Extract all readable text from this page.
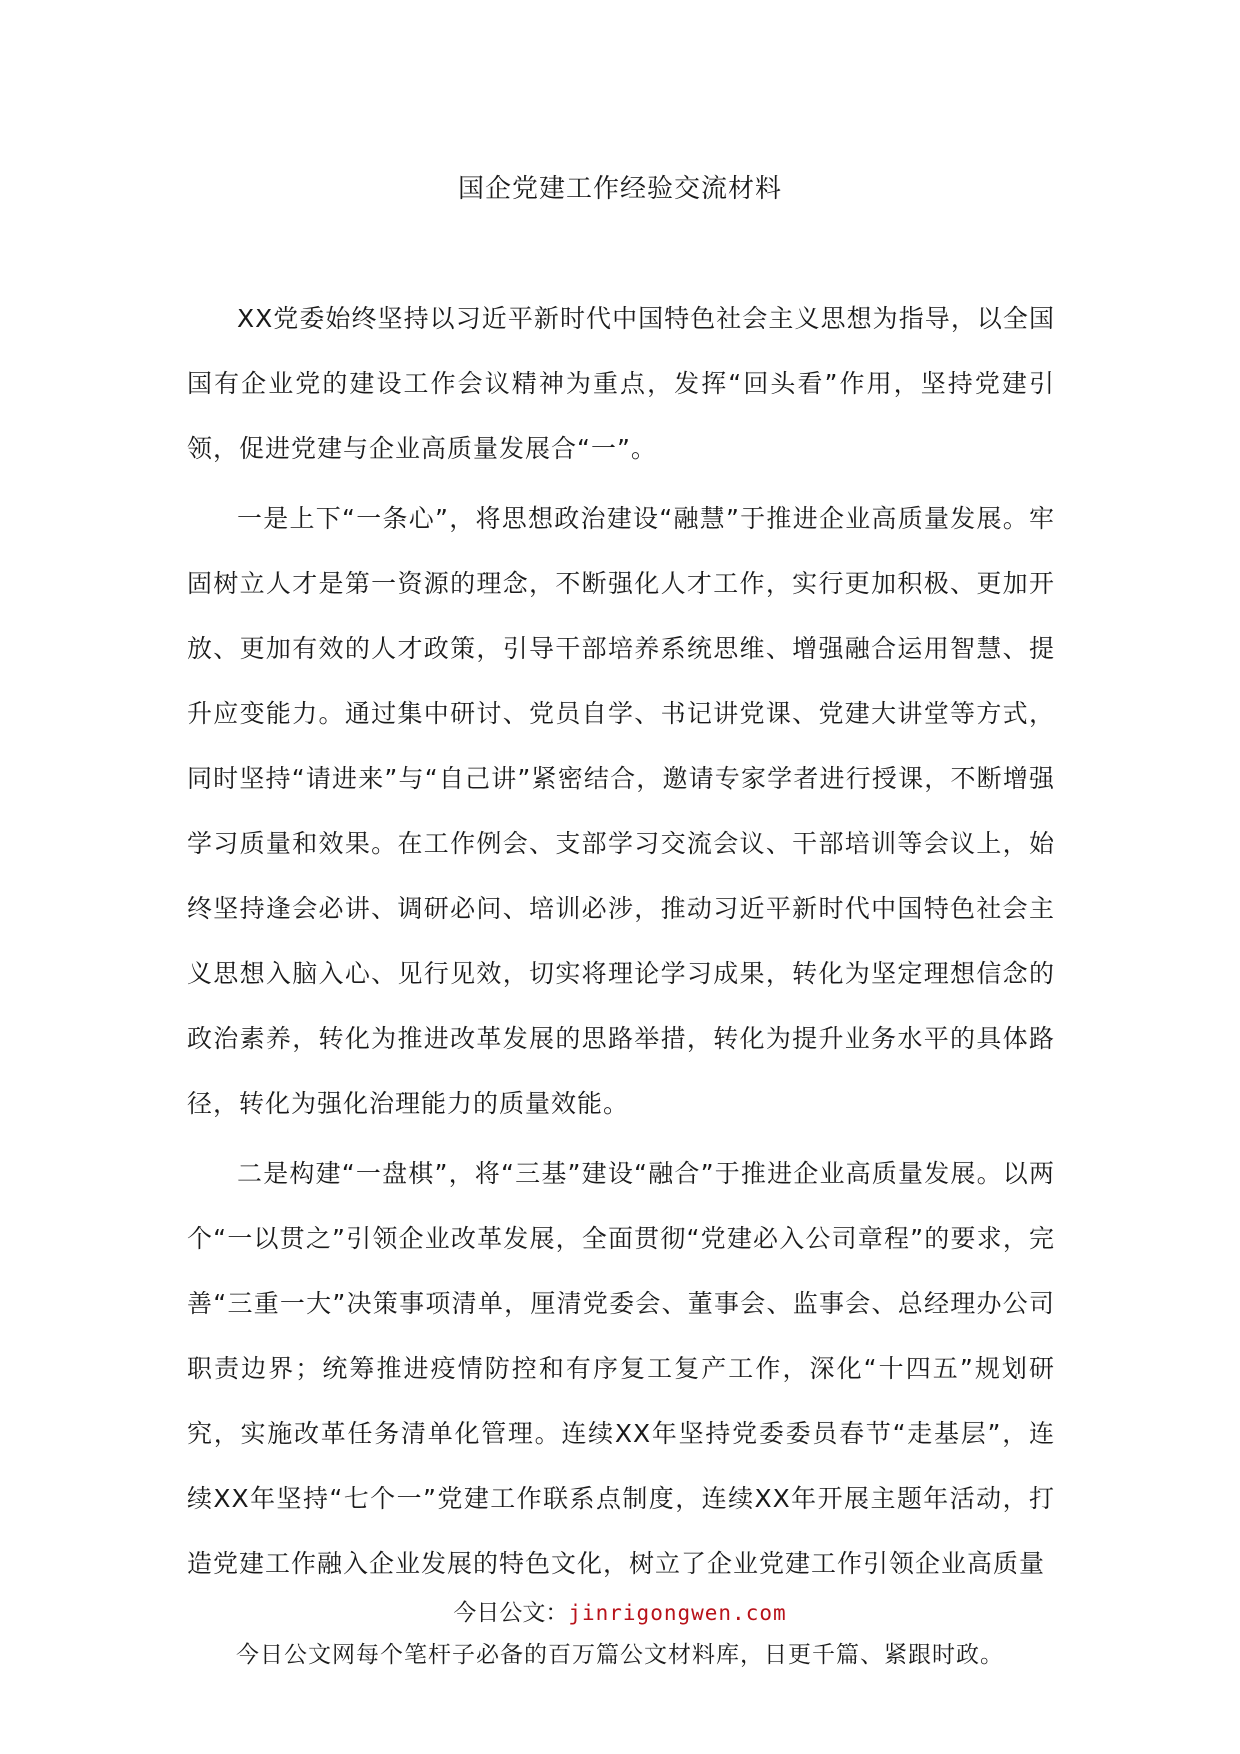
国企党建工作经验交流材料

XX党委始终坚持以习近平新时代中国特色社会主义思想为指导，以全国国有企业党的建设工作会议精神为重点，发挥“回头看”作用，坚持党建引领，促进党建与企业高质量发展合“一”。

一是上下“一条心”，将思想政治建设“融慧”于推进企业高质量发展。牢固树立人才是第一资源的理念，不断强化人才工作，实行更加积极、更加开放、更加有效的人才政策，引导干部培养系统思维、增强融合运用智慧、提升应变能力。通过集中研讨、党员自学、书记讲党课、党建大讲堂等方式，同时坚持“请进来”与“自己讲”紧密结合，邀请专家学者进行授课，不断增强学习质量和效果。在工作例会、支部学习交流会议、干部培训等会议上，始终坚持逢会必讲、调研必问、培训必涉，推动习近平新时代中国特色社会主义思想入脑入心、见行见效，切实将理论学习成果，转化为坚定理想信念的政治素养，转化为推进改革发展的思路举措，转化为提升业务水平的具体路径，转化为强化治理能力的质量效能。

二是构建“一盘棋”，将“三基”建设“融合”于推进企业高质量发展。以两个“一以贯之”引领企业改革发展，全面贯彻“党建必入公司章程”的要求，完善“三重一大”决策事项清单，厘清党委会、董事会、监事会、总经理办公司职责边界；统筹推进疫情防控和有序复工复产工作，深化“十四五”规划研究，实施改革任务清单化管理。连续XX年坚持党委委员春节“走基层”，连续XX年坚持“七个一”党建工作联系点制度，连续XX年开展主题年活动，打造党建工作融入企业发展的特色文化，树立了企业党建工作引领企业高质量

今日公文：jinrigongwen.com
今日公文网每个笔杆子必备的百万篇公文材料库，日更千篇、紧跟时政。
